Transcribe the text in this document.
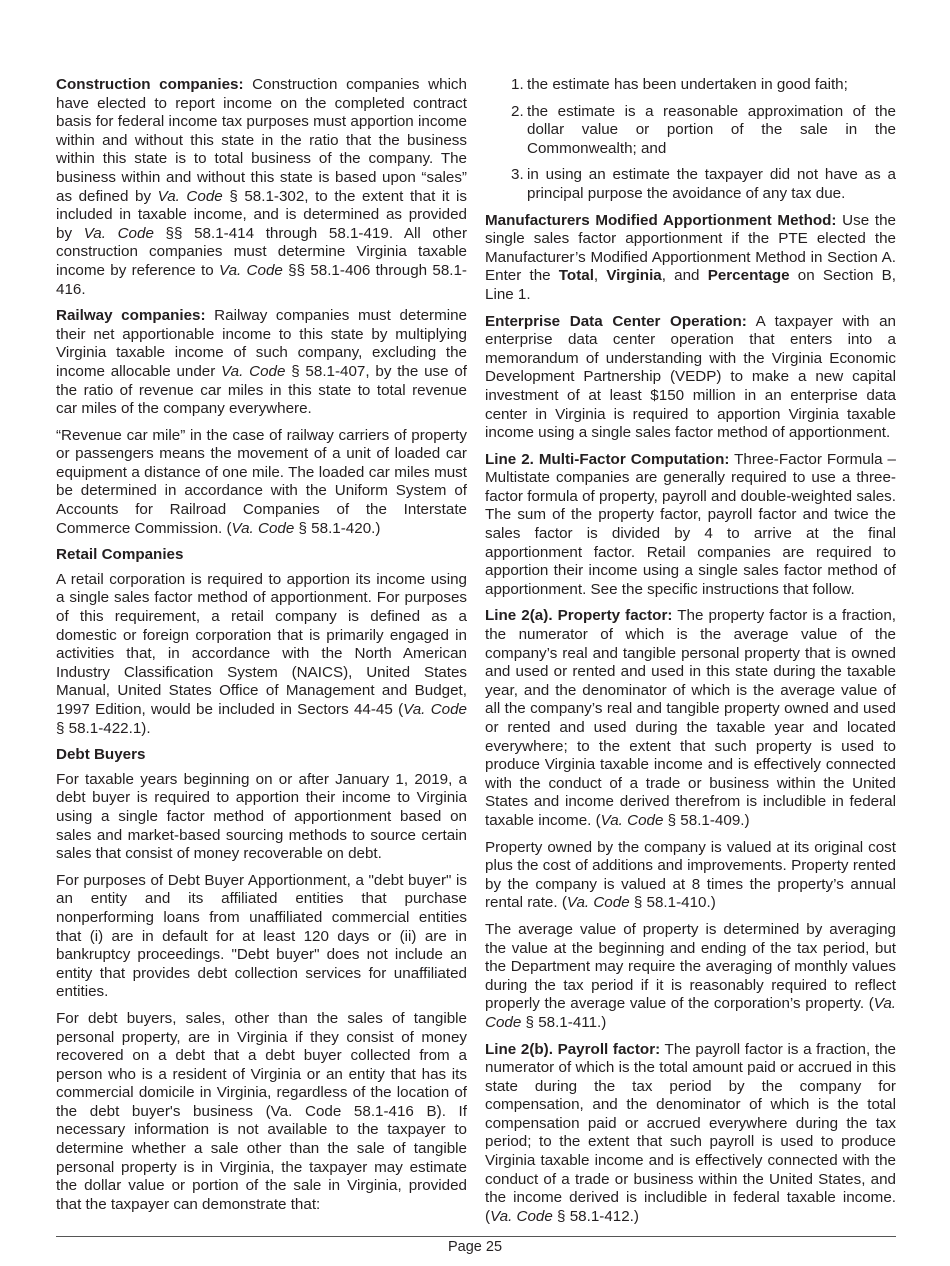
Construction companies: Construction companies which have elected to report income on the completed contract basis for federal income tax purposes must apportion income within and without this state in the ratio that the business within this state is to total business of the company. The business within and without this state is based upon “sales” as defined by Va. Code § 58.1-302, to the extent that it is included in taxable income, and is determined as provided by Va. Code §§ 58.1-414 through 58.1-419. All other construction companies must determine Virginia taxable income by reference to Va. Code §§ 58.1-406 through 58.1-416.

Railway companies: Railway companies must determine their net apportionable income to this state by multiplying Virginia taxable income of such company, excluding the income allocable under Va. Code § 58.1-407, by the use of the ratio of revenue car miles in this state to total revenue car miles of the company everywhere.

“Revenue car mile” in the case of railway carriers of property or passengers means the movement of a unit of loaded car equipment a distance of one mile. The loaded car miles must be determined in accordance with the Uniform System of Accounts for Railroad Companies of the Interstate Commerce Commission. (Va. Code § 58.1-420.)

Retail Companies

A retail corporation is required to apportion its income using a single sales factor method of apportionment. For purposes of this requirement, a retail company is defined as a domestic or foreign corporation that is primarily engaged in activities that, in accordance with the North American Industry Classification System (NAICS), United States Manual, United States Office of Management and Budget, 1997 Edition, would be included in Sectors 44-45 (Va. Code § 58.1-422.1).

Debt Buyers

For taxable years beginning on or after January 1, 2019, a debt buyer is required to apportion their income to Virginia using a single factor method of apportionment based on sales and market-based sourcing methods to source certain sales that consist of money recoverable on debt.

For purposes of Debt Buyer Apportionment, a "debt buyer" is an entity and its affiliated entities that purchase nonperforming loans from unaffiliated commercial entities that (i) are in default for at least 120 days or (ii) are in bankruptcy proceedings. "Debt buyer" does not include an entity that provides debt collection services for unaffiliated entities.

For debt buyers, sales, other than the sales of tangible personal property, are in Virginia if they consist of money recovered on a debt that a debt buyer collected from a person who is a resident of Virginia or an entity that has its commercial domicile in Virginia, regardless of the location of the debt buyer's business (Va. Code 58.1-416 B). If necessary information is not available to the taxpayer to determine whether a sale other than the sale of tangible personal property is in Virginia, the taxpayer may estimate the dollar value or portion of the sale in Virginia, provided that the taxpayer can demonstrate that:

1. the estimate has been undertaken in good faith;
2. the estimate is a reasonable approximation of the dollar value or portion of the sale in the Commonwealth; and
3. in using an estimate the taxpayer did not have as a principal purpose the avoidance of any tax due.

Manufacturers Modified Apportionment Method: Use the single sales factor apportionment if the PTE elected the Manufacturer’s Modified Apportionment Method in Section A. Enter the Total, Virginia, and Percentage on Section B, Line 1.

Enterprise Data Center Operation: A taxpayer with an enterprise data center operation that enters into a memorandum of understanding with the Virginia Economic Development Partnership (VEDP) to make a new capital investment of at least $150 million in an enterprise data center in Virginia is required to apportion Virginia taxable income using a single sales factor method of apportionment.

Line 2. Multi-Factor Computation: Three-Factor Formula – Multistate companies are generally required to use a three-factor formula of property, payroll and double-weighted sales. The sum of the property factor, payroll factor and twice the sales factor is divided by 4 to arrive at the final apportionment factor. Retail companies are required to apportion their income using a single sales factor method of apportionment. See the specific instructions that follow.

Line 2(a). Property factor: The property factor is a fraction, the numerator of which is the average value of the company’s real and tangible personal property that is owned and used or rented and used in this state during the taxable year, and the denominator of which is the average value of all the company’s real and tangible property owned and used or rented and used during the taxable year and located everywhere; to the extent that such property is used to produce Virginia taxable income and is effectively connected with the conduct of a trade or business within the United States and income derived therefrom is includible in federal taxable income. (Va. Code § 58.1-409.)

Property owned by the company is valued at its original cost plus the cost of additions and improvements. Property rented by the company is valued at 8 times the property’s annual rental rate. (Va. Code § 58.1-410.)

The average value of property is determined by averaging the value at the beginning and ending of the tax period, but the Department may require the averaging of monthly values during the tax period if it is reasonably required to reflect properly the average value of the corporation’s property. (Va. Code § 58.1-411.)

Line 2(b). Payroll factor: The payroll factor is a fraction, the numerator of which is the total amount paid or accrued in this state during the tax period by the company for compensation, and the denominator of which is the total compensation paid or accrued everywhere during the tax period; to the extent that such payroll is used to produce Virginia taxable income and is effectively connected with the conduct of a trade or business within the United States, and the income derived is includible in federal taxable income. (Va. Code § 58.1-412.)

Page 25
